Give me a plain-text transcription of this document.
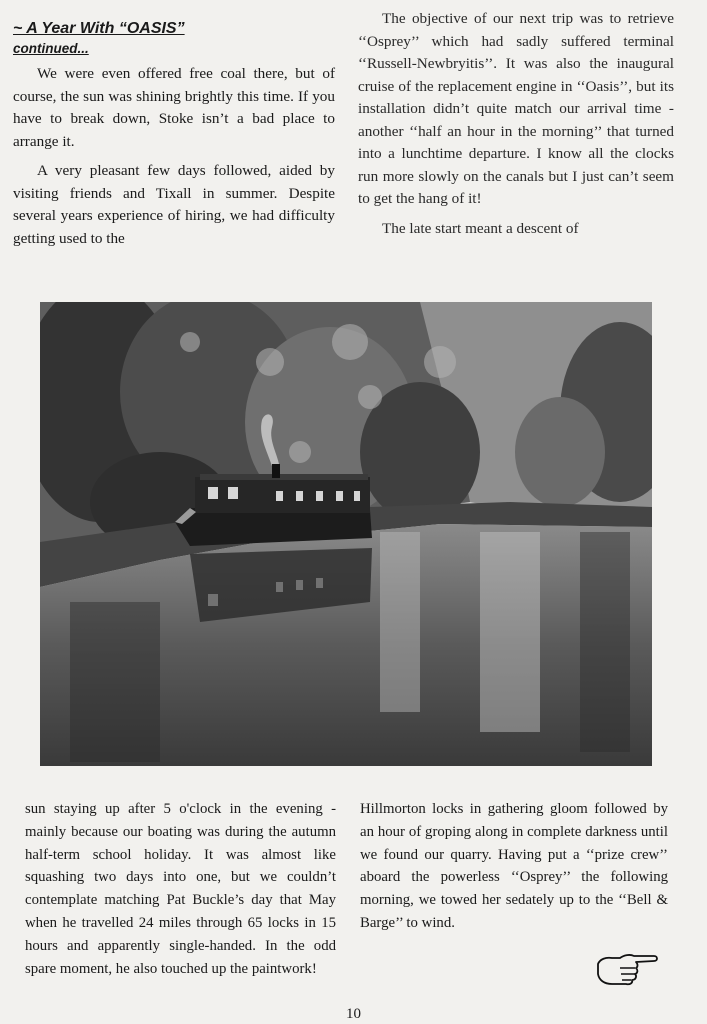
~ A Year With “OASIS”
continued...

We were even offered free coal there, but of course, the sun was shining brightly this time. If you have to break down, Stoke isn’t a bad place to arrange it.

A very pleasant few days followed, aided by visiting friends and Tixall in summer. Despite several years experience of hiring, we had difficulty getting used to the

The objective of our next trip was to retrieve ‘‘Osprey’’ which had sadly suffered terminal ‘‘Russell-Newbryitis’’. It was also the inaugural cruise of the replacement engine in ‘‘Oasis’’, but its installation didn’t quite match our arrival time - another ‘‘half an hour in the morning’’ that turned into a lunchtime departure. I know all the clocks run more slowly on the canals but I just can’t seem to get the hang of it!

The late start meant a descent of

sun staying up after 5 o'clock in the evening - mainly because our boating was during the autumn half-term school holiday. It was almost like squashing two days into one, but we couldn’t contemplate matching Pat Buckle’s day that May when he travelled 24 miles through 65 locks in 15 hours and apparently single-handed. In the odd spare moment, he also touched up the paintwork!

Hillmorton locks in gathering gloom followed by an hour of groping along in complete darkness until we found our quarry. Having put a ‘‘prize crew’’ aboard the powerless ‘‘Osprey’’ the following morning, we towed her sedately up to the ‘‘Bell & Barge’’ to wind.

10
